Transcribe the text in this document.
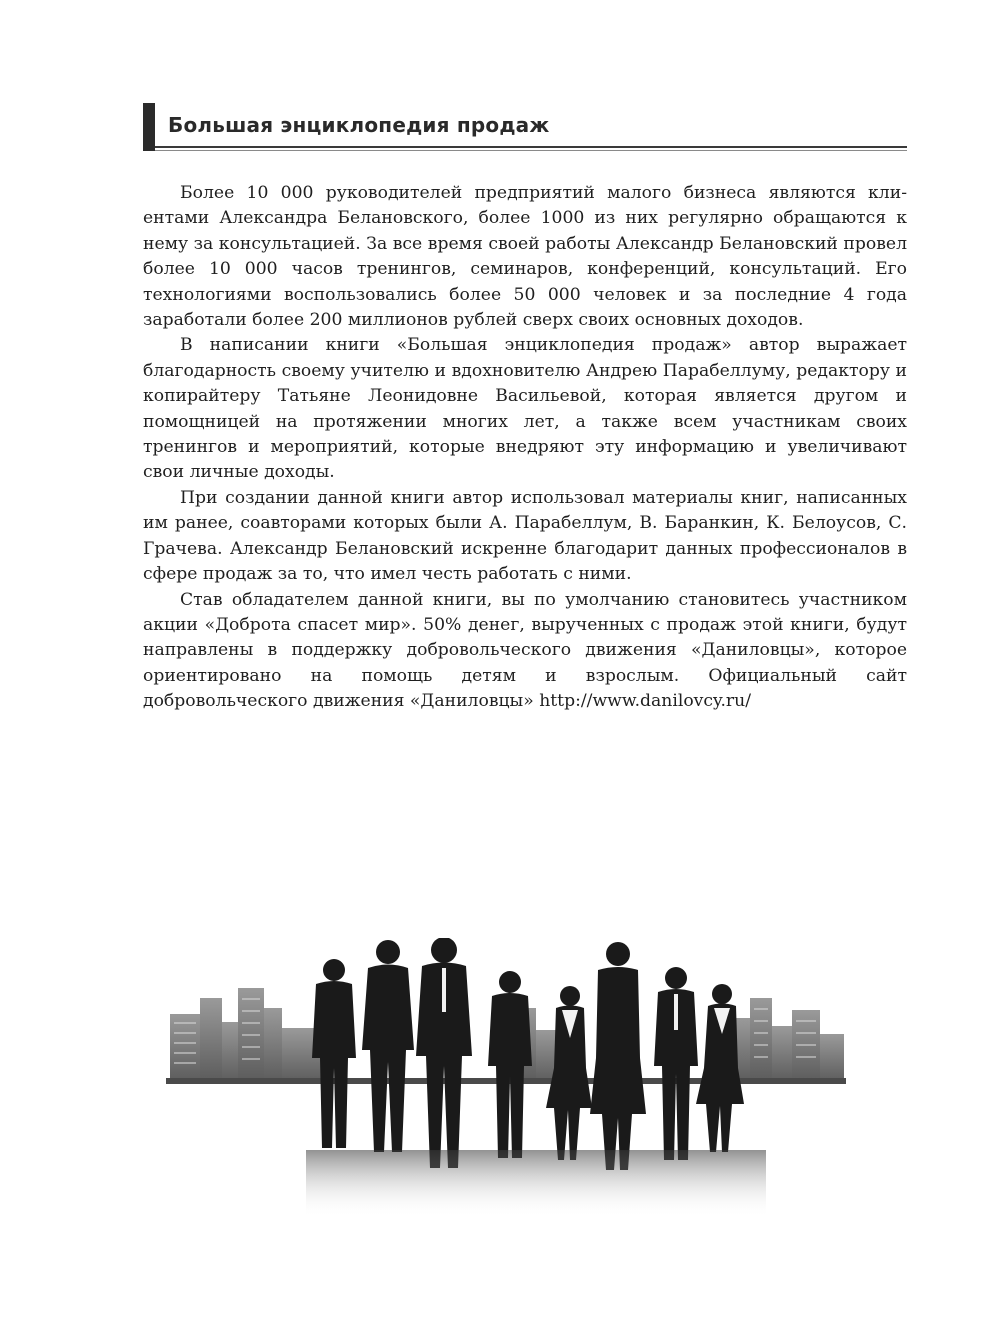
Большая энциклопедия продаж

Более 10 000 руководителей предприятий малого бизнеса являются клиентами Александра Белановского, более 1000 из них регулярно обращаются к нему за консультацией. За все время своей работы Александр Белановский провел более 10 000 часов тренингов, семинаров, конференций, консультаций. Его технологиями воспользовались более 50 000 человек и за последние 4 года заработали более 200 миллионов рублей сверх своих основных доходов.

В написании книги «Большая энциклопедия продаж» автор выражает благодарность своему учителю и вдохновителю Андрею Парабеллуму, редактору и копирайтеру Татьяне Леонидовне Васильевой, которая является другом и помощницей на протяжении многих лет, а также всем участникам своих тренингов и мероприятий, которые внедряют эту информацию и увеличивают свои личные доходы.

При создании данной книги автор использовал материалы книг, написанных им ранее, соавторами которых были А. Парабеллум, В. Баранкин, К. Белоусов, С. Грачева. Александр Белановский искренне благодарит данных профессионалов в сфере продаж за то, что имел честь работать с ними.

Став обладателем данной книги, вы по умолчанию становитесь участником акции «Доброта спасет мир». 50% денег, вырученных с продаж этой книги, будут направлены в поддержку добровольческого движения «Даниловцы», которое ориентировано на помощь детям и взрослым. Официальный сайт добровольческого движения «Даниловцы» http://www.danilovcy.ru/
